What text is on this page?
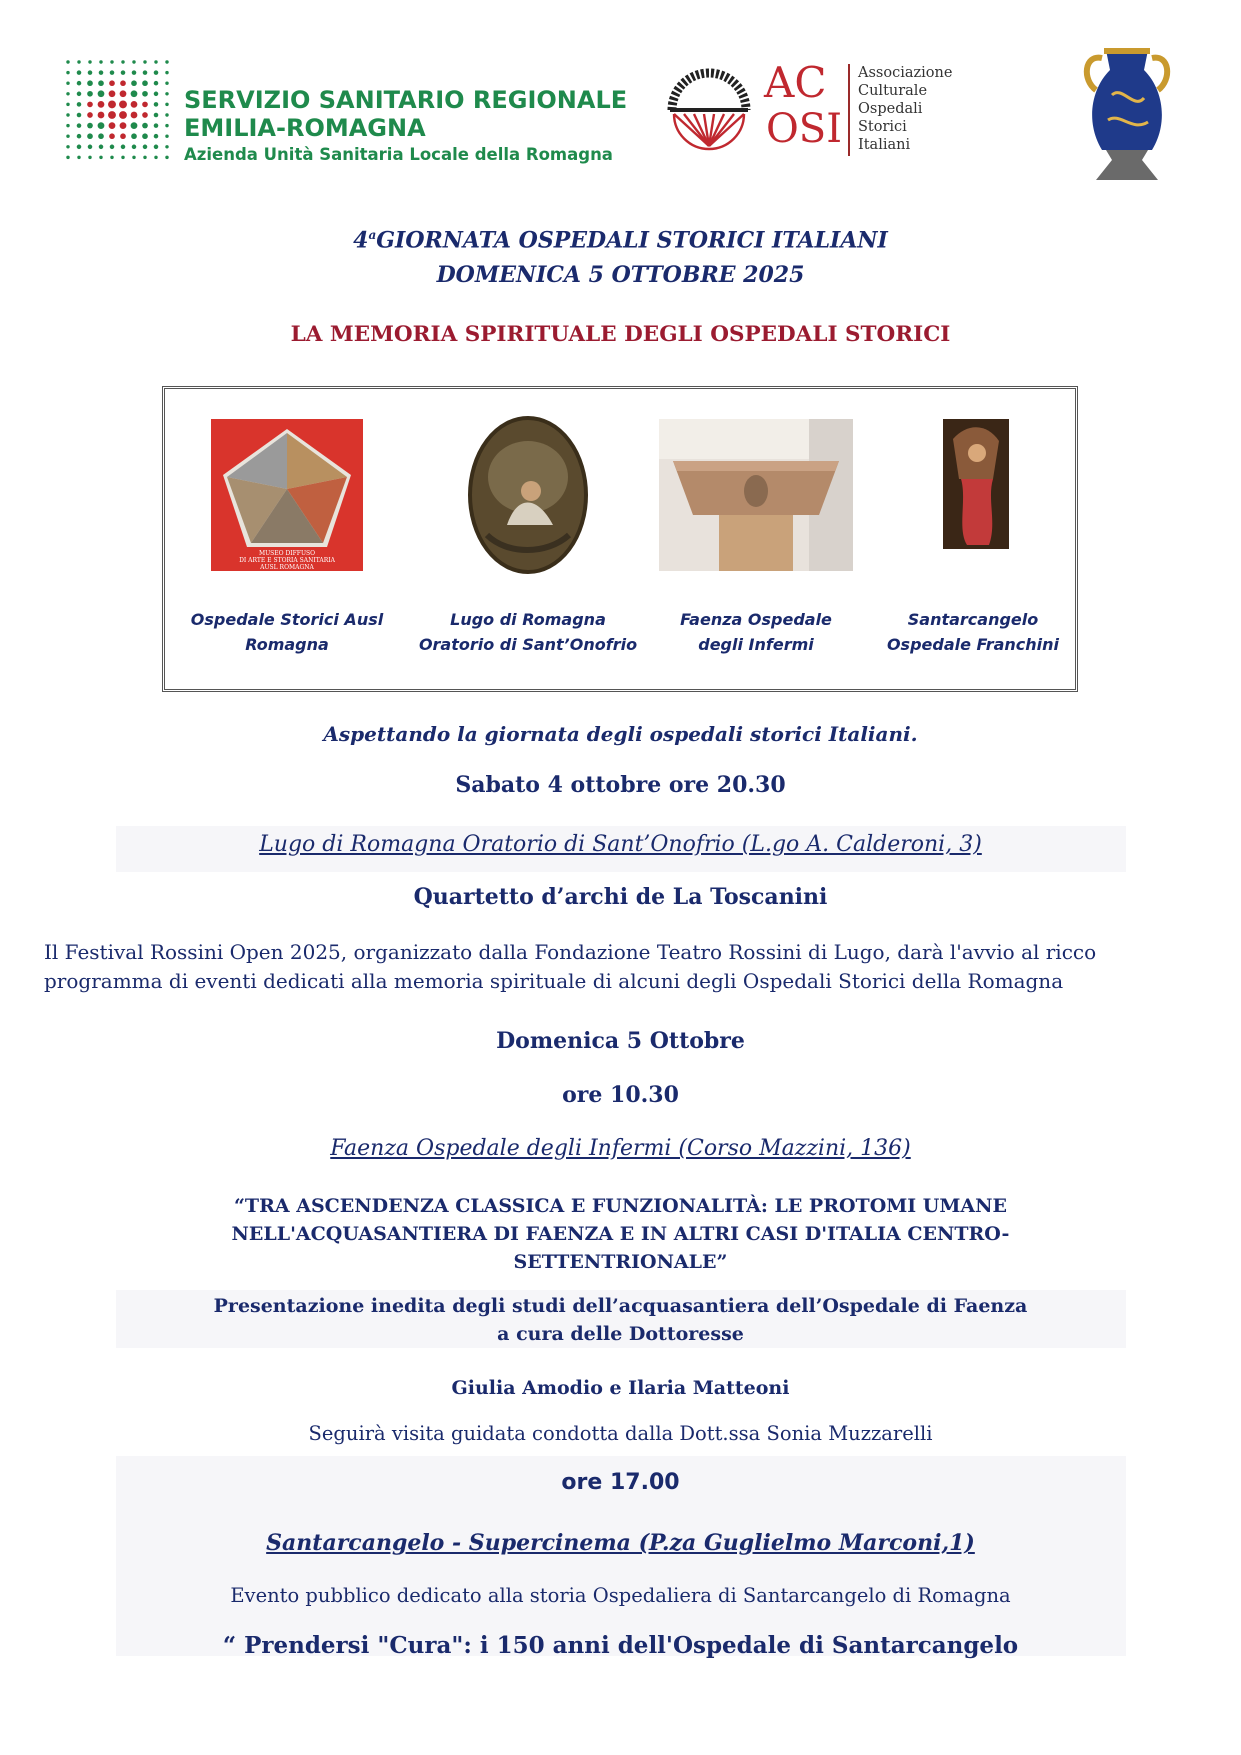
SERVIZIO SANITARIO REGIONALE
EMILIA-ROMAGNA
Azienda Unità Sanitaria Locale della Romagna
AC
OSI
Associazione
Culturale
Ospedali
Storici
Italiani
4$^a$GIORNATA OSPEDALI STORICI ITALIANI
DOMENICA 5 OTTOBRE 2025
LA MEMORIA SPIRITUALE DEGLI OSPEDALI STORICI
MUSEO DIFFUSO
DI ARTE E STORIA SANITARIA
AUSL ROMAGNA
Ospedale Storici Ausl
Romagna
Lugo di Romagna
Oratorio di Sant’Onofrio
Faenza Ospedale
degli Infermi
Santarcangelo
Ospedale Franchini
Aspettando la giornata degli ospedali storici Italiani.
Sabato 4 ottobre ore 20.30
Lugo di Romagna Oratorio di Sant’Onofrio (L.go A. Calderoni, 3)
Quartetto d’archi de La Toscanini
Il Festival Rossini Open 2025, organizzato dalla Fondazione Teatro Rossini di Lugo, darà l'avvio al ricco
programma di eventi dedicati alla memoria spirituale di alcuni degli Ospedali Storici della Romagna
Domenica 5 Ottobre
ore 10.30
Faenza Ospedale degli Infermi (Corso Mazzini, 136)
“TRA ASCENDENZA CLASSICA E FUNZIONALITÀ: LE PROTOMI UMANE
NELL'ACQUASANTIERA DI FAENZA E IN ALTRI CASI D'ITALIA CENTRO-
SETTENTRIONALE”
Presentazione inedita degli studi dell’acquasantiera dell’Ospedale di Faenza
a cura delle Dottoresse
Giulia Amodio e Ilaria Matteoni
Seguirà visita guidata condotta dalla Dott.ssa Sonia Muzzarelli
ore 17.00
Santarcangelo - Supercinema (P.za Guglielmo Marconi,1)
Evento pubblico dedicato alla storia Ospedaliera di Santarcangelo di Romagna
“ Prendersi "Cura": i 150 anni dell'Ospedale di Santarcangelo
